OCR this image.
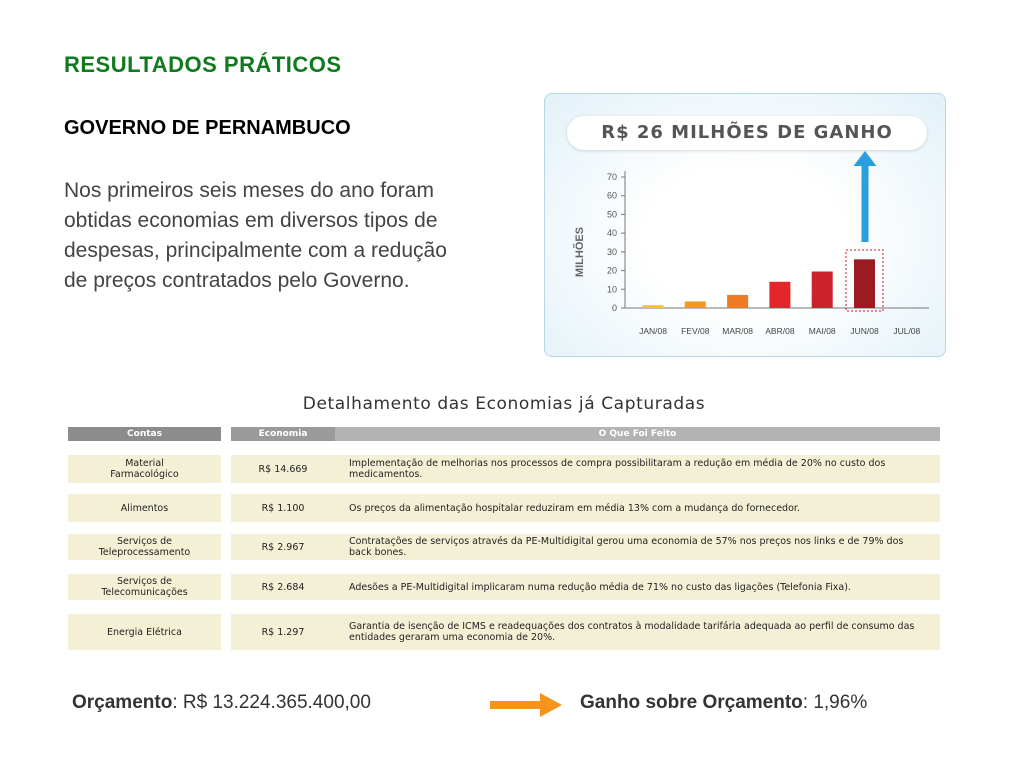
RESULTADOS PRÁTICOS
GOVERNO DE PERNAMBUCO

Nos primeiros seis meses do ano foram obtidas economias em diversos tipos de despesas, principalmente com a redução de preços contratados pelo Governo.

R$ 26 MILHÕES DE GANHO
0
10
20
30
40
50
60
70
MILHÕES
JAN/08 FEV/08 MAR/08 ABR/08 MAI/08 JUN/08 JUL/08
Detalhamento das Economias já Capturadas
Contas	Economia	O Que Foi Feito
Material
Farmacológico	R$ 14.669	Implementação de melhorias nos processos de compra possibilitaram a redução em média de 20% no custo dos medicamentos.
Alimentos	R$ 1.100	Os preços da alimentação hospitalar reduziram em média 13% com a mudança do fornecedor.
Serviços de
Teleprocessamento	R$ 2.967	Contratações de serviços através da PE-Multidigital gerou uma economia de 57% nos preços nos links e de 79% dos back bones.
Serviços de
Telecomunicações	R$ 2.684	Adesões a PE-Multidigital implicaram numa redução média de 71% no custo das ligações (Telefonia Fixa).
Energia Elétrica	R$ 1.297	Garantia de isenção de ICMS e readequações dos contratos à modalidade tarifária adequada ao perfil de consumo das entidades geraram uma economia de 20%.
Orçamento: R$ 13.224.365.400,00	Ganho sobre Orçamento: 1,96%
